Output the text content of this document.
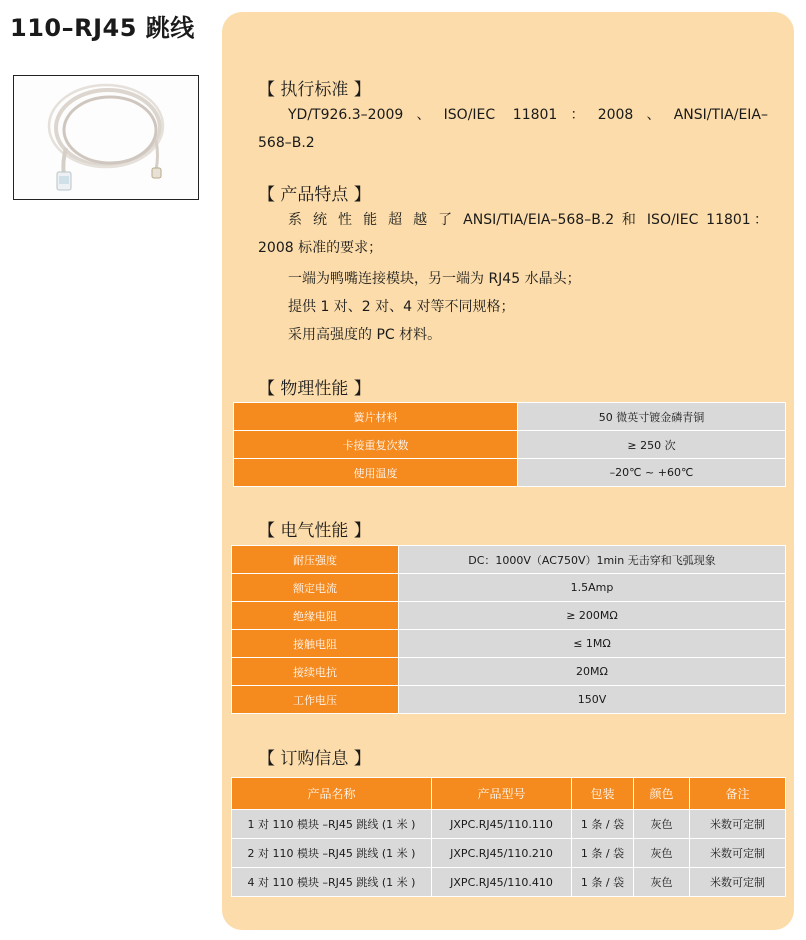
110–RJ45 跳线
【 执行标准 】
YD/T926.3–2009、ISO/IEC 11801：2008、ANSI/TIA/EIA–
568–B.2
【 产品特点 】
系 统 性 能 超 越 了 ANSI/TIA/EIA–568–B.2 和 ISO/IEC 11801：
2008 标准的要求；
一端为鸭嘴连接模块，另一端为 RJ45 水晶头；
提供 1 对、2 对、4 对等不同规格；
采用高强度的 PC 材料。
【 物理性能 】
簧片材料	50 微英寸镀金磷青铜
卡接重复次数	≥ 250 次
使用温度	–20℃ ~ +60℃
【 电气性能 】
耐压强度	DC：1000V（AC750V）1min 无击穿和飞弧现象
额定电流	1.5Amp
绝缘电阻	≥ 200MΩ
接触电阻	≤ 1MΩ
接续电抗	20MΩ
工作电压	150V
【 订购信息 】
产品名称	产品型号	包装	颜色	备注
1 对 110 模块 –RJ45 跳线 (1 米 )	JXPC.RJ45/110.110	1 条 / 袋	灰色	米数可定制
2 对 110 模块 –RJ45 跳线 (1 米 )	JXPC.RJ45/110.210	1 条 / 袋	灰色	米数可定制
4 对 110 模块 –RJ45 跳线 (1 米 )	JXPC.RJ45/110.410	1 条 / 袋	灰色	米数可定制
